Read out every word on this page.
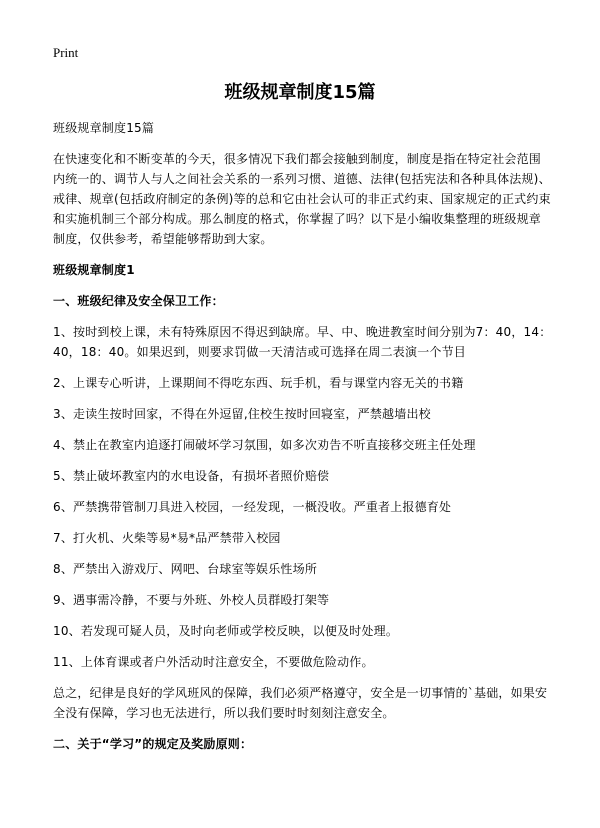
Print
班级规章制度15篇

班级规章制度15篇

在快速变化和不断变革的今天，很多情况下我们都会接触到制度，制度是指在特定社会范围内统一的、调节人与人之间社会关系的一系列习惯、道德、法律(包括宪法和各种具体法规)、戒律、规章(包括政府制定的条例)等的总和它由社会认可的非正式约束、国家规定的正式约束和实施机制三个部分构成。那么制度的格式，你掌握了吗？以下是小编收集整理的班级规章制度，仅供参考，希望能够帮助到大家。

班级规章制度1

一、班级纪律及安全保卫工作：

1、按时到校上课，未有特殊原因不得迟到缺席。早、中、晚进教室时间分别为7：40，14：40，18：40。如果迟到，则要求罚做一天清洁或可选择在周二表演一个节目

2、上课专心听讲，上课期间不得吃东西、玩手机，看与课堂内容无关的书籍

3、走读生按时回家，不得在外逗留,住校生按时回寝室，严禁越墙出校

4、禁止在教室内追逐打闹破坏学习氛围，如多次劝告不听直接移交班主任处理

5、禁止破坏教室内的水电设备，有损坏者照价赔偿

6、严禁携带管制刀具进入校园，一经发现，一概没收。严重者上报德育处

7、打火机、火柴等易*易*品严禁带入校园

8、严禁出入游戏厅、网吧、台球室等娱乐性场所

9、遇事需冷静，不要与外班、外校人员群殴打架等

10、若发现可疑人员，及时向老师或学校反映，以便及时处理。

11、上体育课或者户外活动时注意安全，不要做危险动作。

总之，纪律是良好的学风班风的保障，我们必须严格遵守，安全是一切事情的`基础，如果安全没有保障，学习也无法进行，所以我们要时时刻刻注意安全。

二、关于“学习”的规定及奖励原则：
